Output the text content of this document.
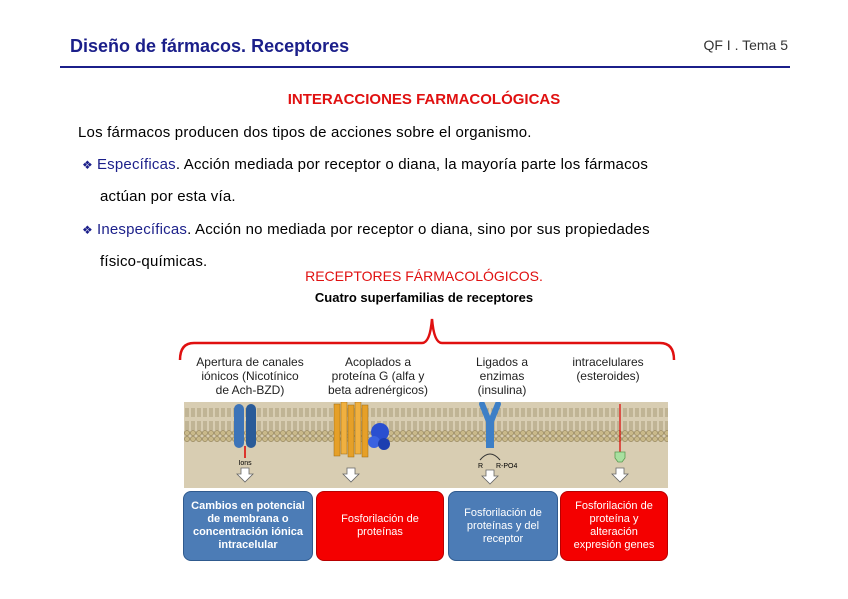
Diseño de fármacos. Receptores	QF I . Tema 5
INTERACCIONES FARMACOLÓGICAS
Los fármacos producen dos tipos de acciones sobre el organismo.
❖ Específicas. Acción mediada por receptor o diana, la mayoría parte los fármacos
actúan por esta vía.
❖ Inespecíficas. Acción no mediada por receptor o diana, sino por sus propiedades
físico-químicas.
RECEPTORES FÁRMACOLÓGICOS.
Cuatro superfamilias de receptores
Apertura de canales
iónicos (Nicotínico
de Ach-BZD)
Acoplados a
proteína G (alfa y
beta adrenérgicos)
Ligados a
enzimas
(insulina)
intracelulares
(esteroides)
Ions	R R-PO4
Cambios en potencial
de membrana o
concentración iónica
intracelular
Fosforilación de
proteínas
Fosforilación de
proteínas y del
receptor
Fosforilación de
proteína y
alteración
expresión genes
